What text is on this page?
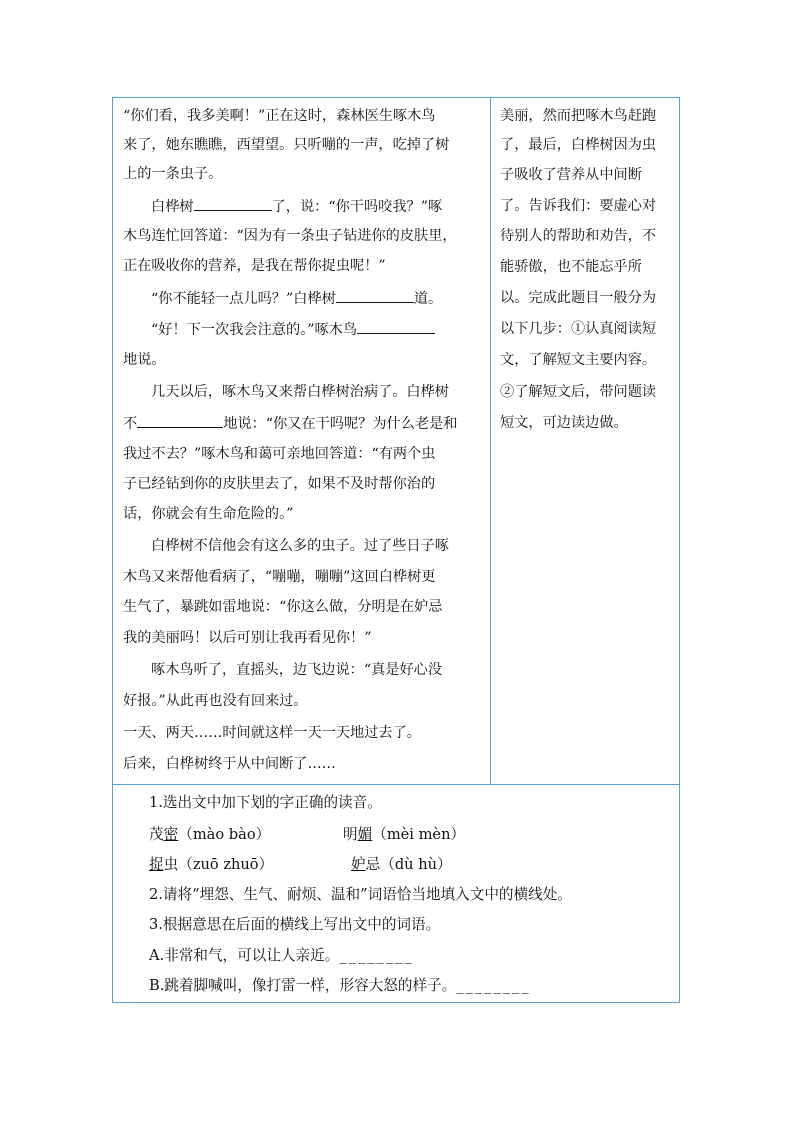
“你们看，我多美啊！”正在这时，森林医生啄木鸟
来了，她东瞧瞧，西望望。只听嘣的一声，吃掉了树
上的一条虫子。
白桦树	了，说：“你干吗咬我？”啄
木鸟连忙回答道：“因为有一条虫子钻进你的皮肤里，
正在吸收你的营养，是我在帮你捉虫呢！”
“你不能轻一点儿吗？”白桦树	道。
“好！下一次我会注意的。”啄木鸟
地说。
几天以后，啄木鸟又来帮白桦树治病了。白桦树
不	地说：“你又在干吗呢？为什么老是和
我过不去？”啄木鸟和蔼可亲地回答道：“有两个虫
子已经钻到你的皮肤里去了，如果不及时帮你治的
话，你就会有生命危险的。”
白桦树不信他会有这么多的虫子。过了些日子啄
木鸟又来帮他看病了，“嘣嘣，嘣嘣”这回白桦树更
生气了，暴跳如雷地说：“你这么做，分明是在妒忌
我的美丽吗！以后可别让我再看见你！”
啄木鸟听了，直摇头，边飞边说：“真是好心没
好报。”从此再也没有回来过。
一天、两天……时间就这样一天一天地过去了。
后来，白桦树终于从中间断了……
美丽，然而把啄木鸟赶跑
了，最后，白桦树因为虫
子吸收了营养从中间断
了。告诉我们：要虚心对
待别人的帮助和劝告，不
能骄傲，也不能忘乎所
以。完成此题目一般分为
以下几步：①认真阅读短
文，了解短文主要内容。
②了解短文后，带问题读
短文，可边读边做。
1.选出文中加下划的字正确的读音。
茂密（mào bào）	明媚（mèi mèn）
捉虫（zuō zhuō）	妒忌（dù hù）
2.请将“埋怨、生气、耐烦、温和”词语恰当地填入文中的横线处。
3.根据意思在后面的横线上写出文中的词语。
A.非常和气，可以让人亲近。________
B.跳着脚喊叫，像打雷一样，形容大怒的样子。________
